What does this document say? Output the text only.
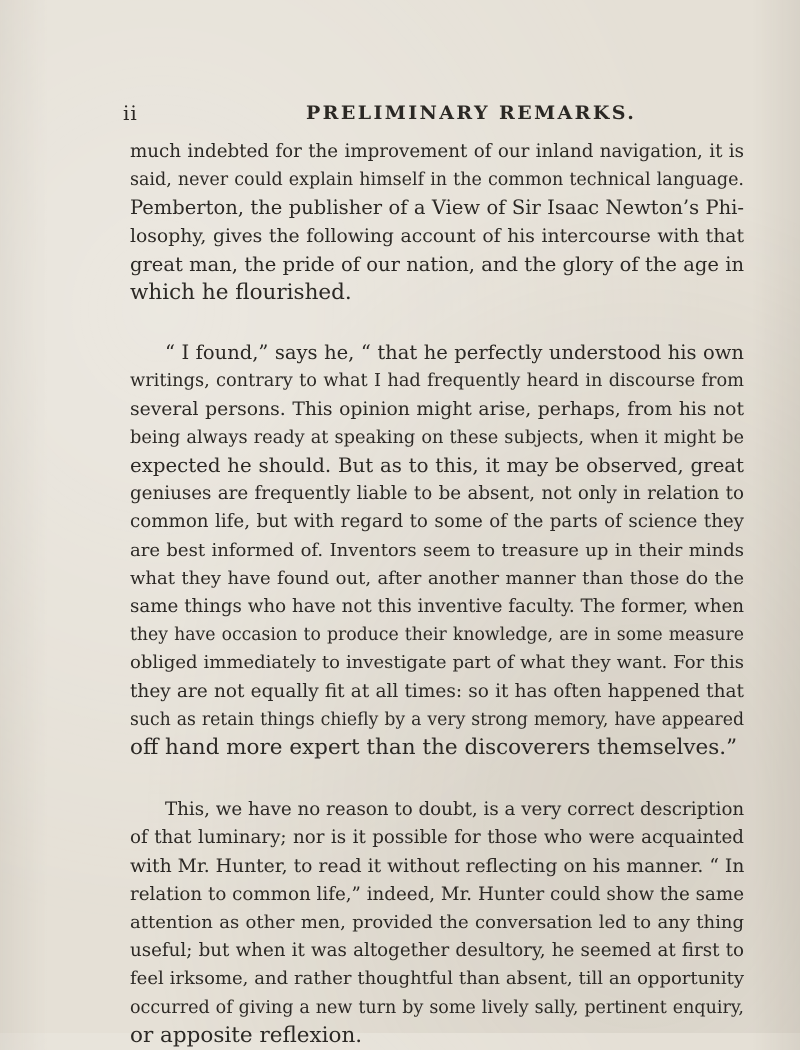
ii	PRELIMINARY REMARKS.
much indebted for the improvement of our inland navigation, it is
said, never could explain himself in the common technical language.
Pemberton, the publisher of a View of Sir Isaac Newton’s Phi-
losophy, gives the following account of his intercourse with that
great man, the pride of our nation, and the glory of the age in
which he flourished.
“ I found,” says he, “ that he perfectly understood his own
writings, contrary to what I had frequently heard in discourse from
several persons. This opinion might arise, perhaps, from his not
being always ready at speaking on these subjects, when it might be
expected he should. But as to this, it may be observed, great
geniuses are frequently liable to be absent, not only in relation to
common life, but with regard to some of the parts of science they
are best informed of. Inventors seem to treasure up in their minds
what they have found out, after another manner than those do the
same things who have not this inventive faculty. The former, when
they have occasion to produce their knowledge, are in some measure
obliged immediately to investigate part of what they want. For this
they are not equally fit at all times: so it has often happened that
such as retain things chiefly by a very strong memory, have appeared
off hand more expert than the discoverers themselves.”
This, we have no reason to doubt, is a very correct description
of that luminary; nor is it possible for those who were acquainted
with Mr. Hunter, to read it without reflecting on his manner. “ In
relation to common life,” indeed, Mr. Hunter could show the same
attention as other men, provided the conversation led to any thing
useful; but when it was altogether desultory, he seemed at first to
feel irksome, and rather thoughtful than absent, till an opportunity
occurred of giving a new turn by some lively sally, pertinent enquiry,
or apposite reflexion.
